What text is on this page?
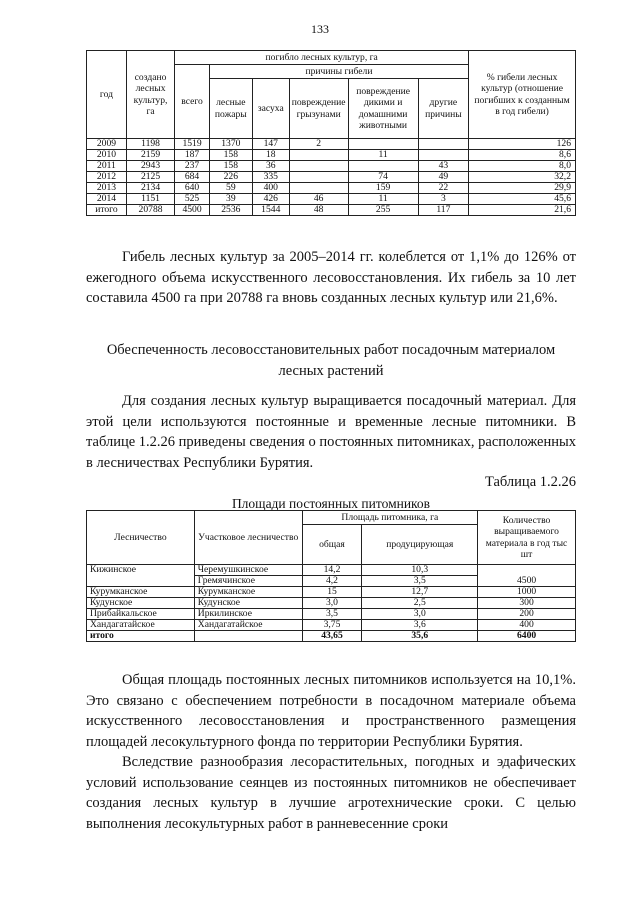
133
год	создано лесных культур, га	погибло лесных культур, га						% гибели лесных культур (отношение погибших к созданным в год гибели)
		всего	причины гибели					
			лесные пожары	засуха	повреждение грызунами	повреждение дикими и домашними животными	другие причины	
2009	1198	1519	1370	147	2			126
2010	2159	187	158	18		11		8,6
2011	2943	237	158	36			43	8,0
2012	2125	684	226	335		74	49	32,2
2013	2134	640	59	400		159	22	29,9
2014	1151	525	39	426	46	11	3	45,6
итого	20788	4500	2536	1544	48	255	117	21,6

Гибель лесных культур за 2005–2014 гг. колеблется от 1,1% до 126% от ежегодного объема искусственного лесовосстановления. Их гибель за 10 лет составила 4500 га при 20788 га вновь созданных лесных культур или 21,6%.

Обеспеченность лесовосстановительных работ посадочным материалом лесных растений

Для создания лесных культур выращивается посадочный материал. Для этой цели используются постоянные и временные лесные питомники. В таблице 1.2.26 приведены сведения о постоянных питомниках, расположенных в лесничествах Республики Бурятия.

Таблица 1.2.26

Площади постоянных питомников
Лесничество	Участковое лесничество	Площадь питомника, га		Количество выращиваемого материала в год тыс шт
		общая	продуцирующая	
Кижинское	Черемушкинское	14,2	10,3	
	Гремячинское	4,2	3,5	4500
Курумканское	Курумканское	15	12,7	1000
Кудунское	Кудунское	3,0	2,5	300
Прибайкальское	Иркилинское	3,5	3,0	200
Хандагатайское	Хандагатайское	3,75	3,6	400
итого		43,65	35,6	6400

Общая площадь постоянных лесных питомников используется на 10,1%. Это связано с обеспечением потребности в посадочном материале объема искусственного лесовосстановления и пространственного размещения площадей лесокультурного фонда по территории Республики Бурятия.

Вследствие разнообразия лесорастительных, погодных и эдафических условий использование сеянцев из постоянных питомников не обеспечивает создания лесных культур в лучшие агротехнические сроки. С целью выполнения лесокультурных работ в ранневесенние сроки
